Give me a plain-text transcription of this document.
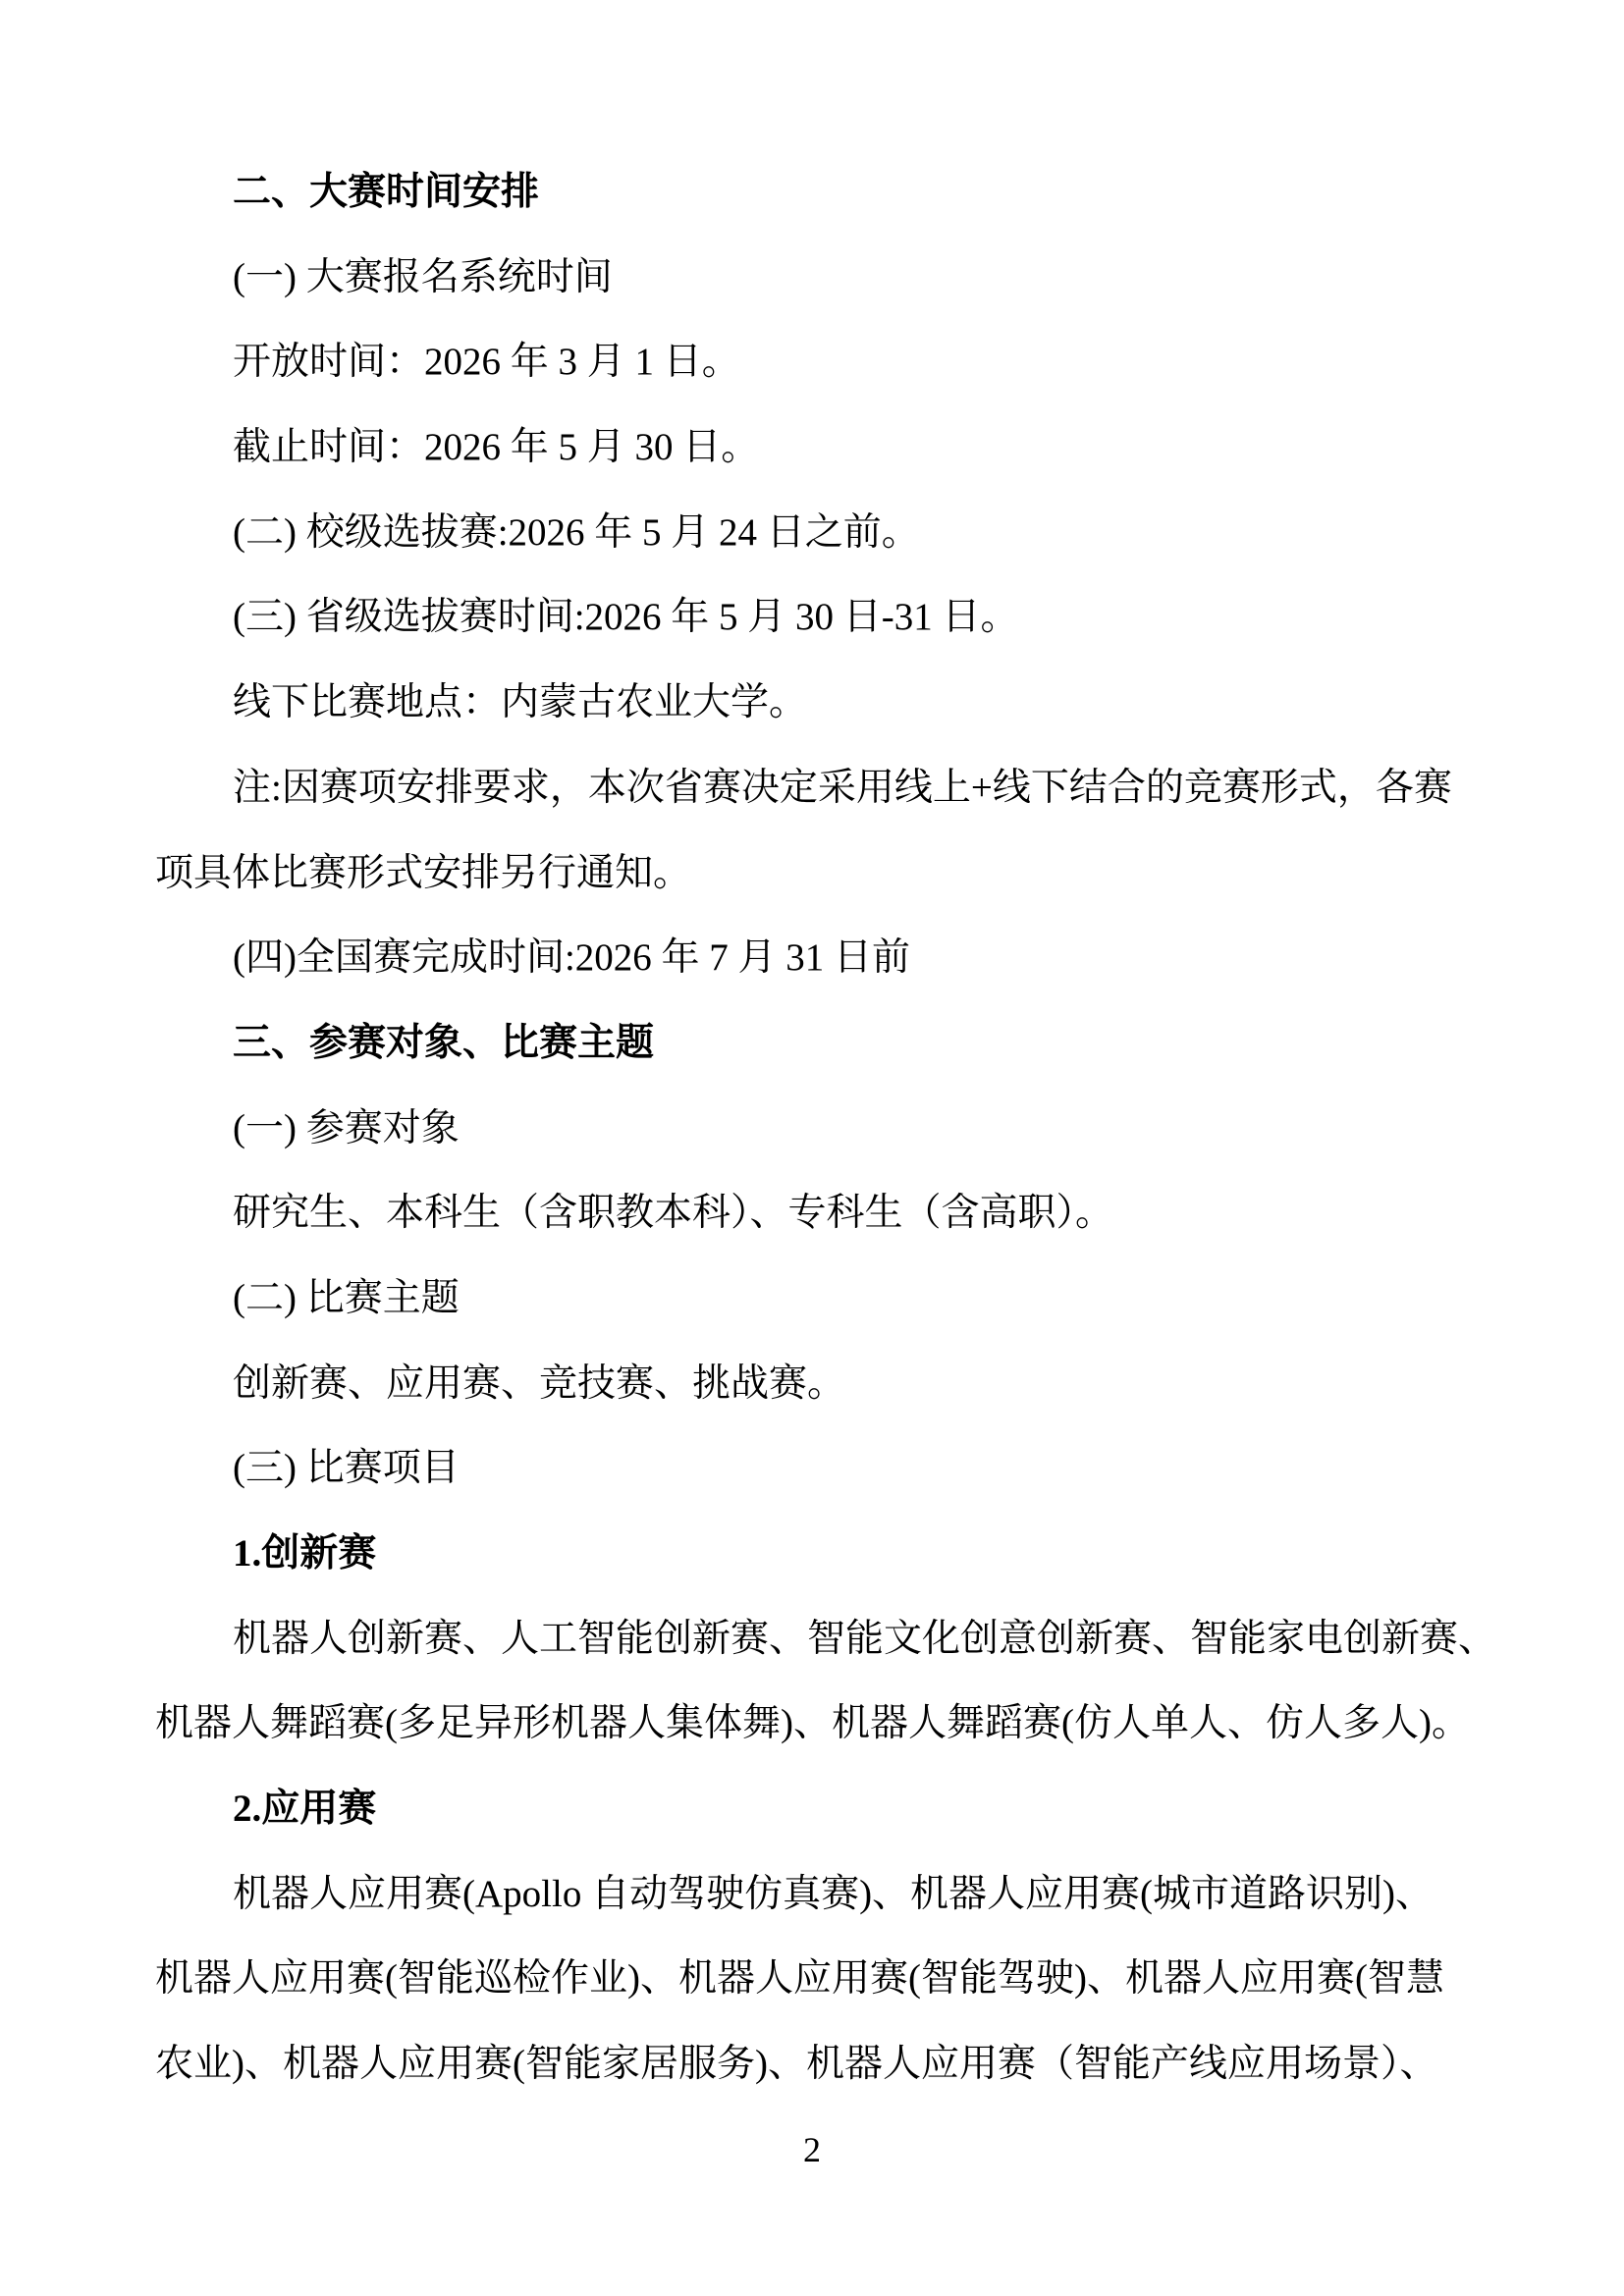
二、大赛时间安排
(一) 大赛报名系统时间
开放时间：2026 年 3 月 1 日。
截止时间：2026 年 5 月 30 日。
(二) 校级选拔赛:2026 年 5 月 24 日之前。
(三) 省级选拔赛时间:2026 年 5 月 30 日-31 日。
线下比赛地点：内蒙古农业大学。
注:因赛项安排要求，本次省赛决定采用线上+线下结合的竞赛形式，各赛
项具体比赛形式安排另行通知。
(四)全国赛完成时间:2026 年 7 月 31 日前
三、参赛对象、比赛主题
(一) 参赛对象
研究生、本科生（含职教本科）、专科生（含高职）。
(二) 比赛主题
创新赛、应用赛、竞技赛、挑战赛。
(三) 比赛项目
1.创新赛
机器人创新赛、人工智能创新赛、智能文化创意创新赛、智能家电创新赛、
机器人舞蹈赛(多足异形机器人集体舞)、机器人舞蹈赛(仿人单人、仿人多人)。
2.应用赛
机器人应用赛(Apollo 自动驾驶仿真赛)、机器人应用赛(城市道路识别)、
机器人应用赛(智能巡检作业)、机器人应用赛(智能驾驶)、机器人应用赛(智慧
农业)、机器人应用赛(智能家居服务)、机器人应用赛（智能产线应用场景）、
2
